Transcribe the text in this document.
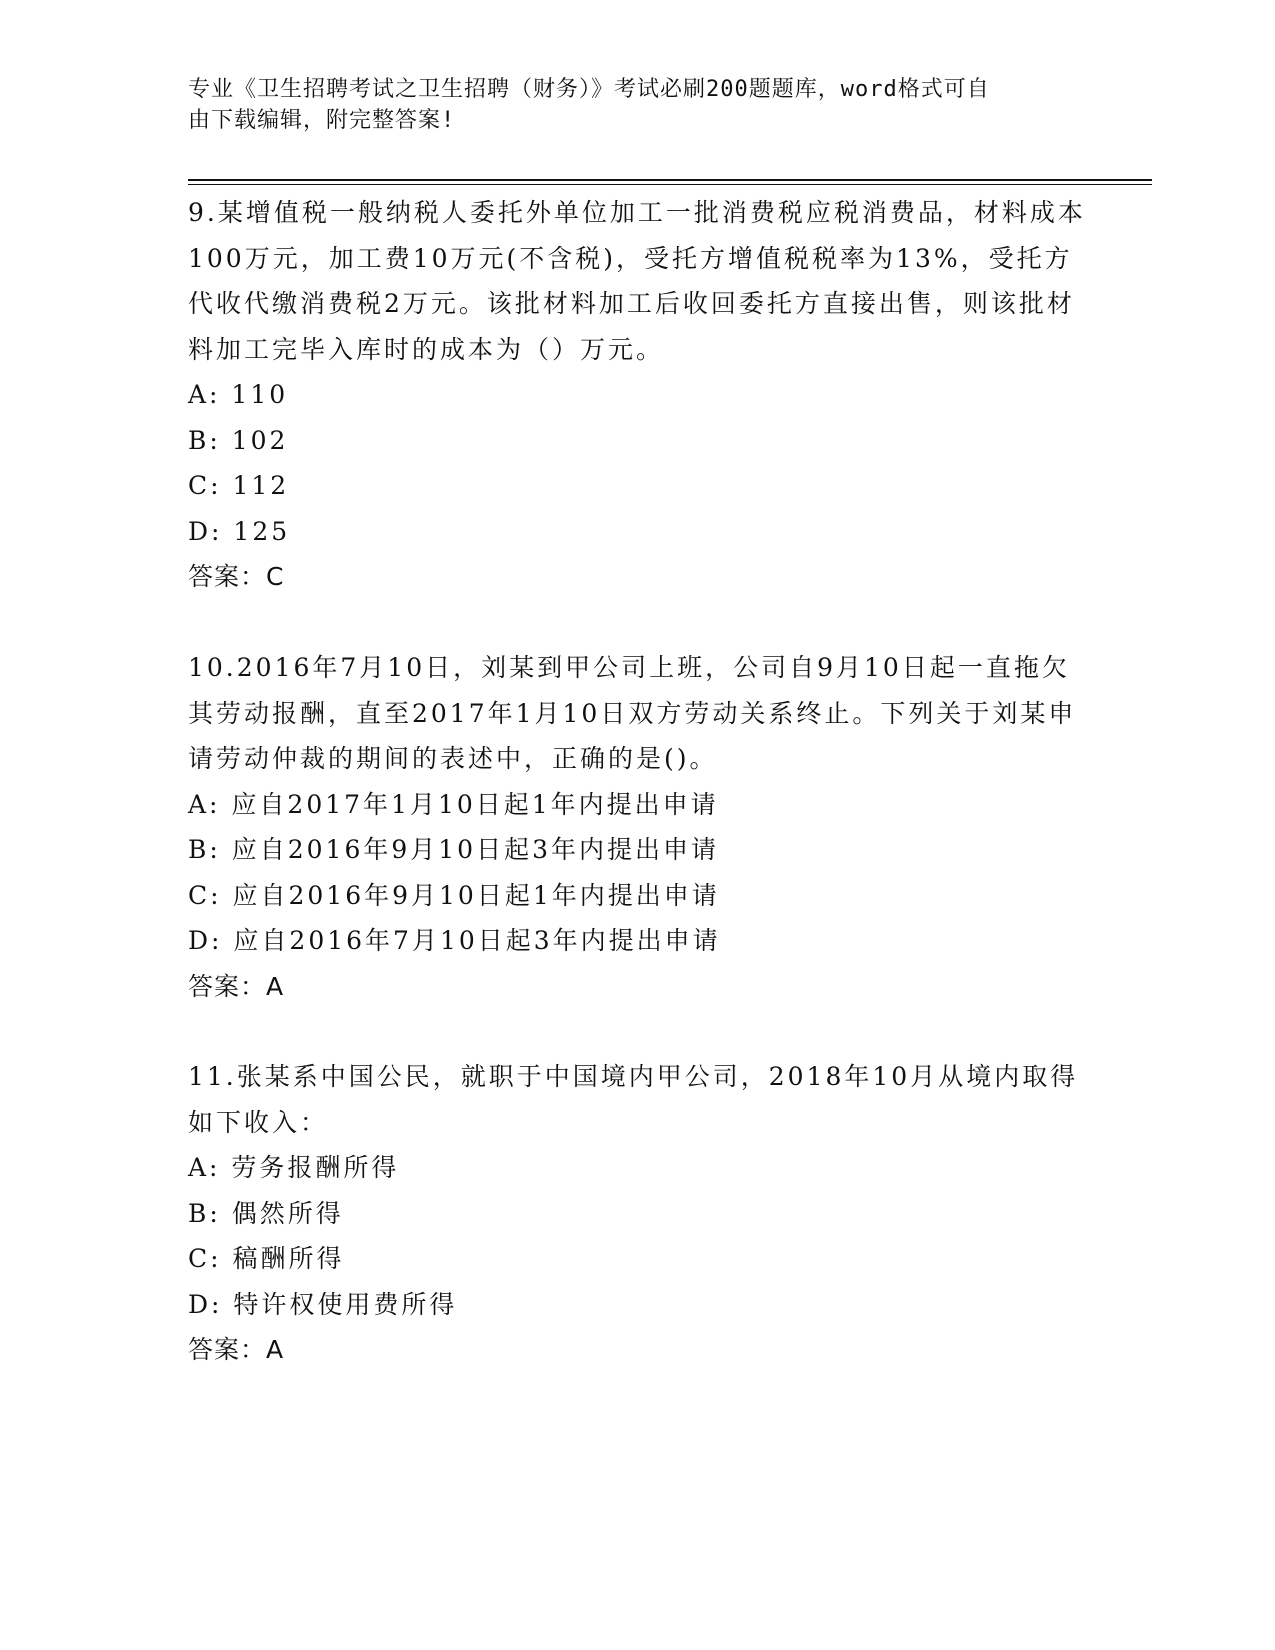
专业《卫生招聘考试之卫生招聘（财务）》考试必刷200题题库，word格式可自
由下载编辑，附完整答案!

9.某增值税一般纳税人委托外单位加工一批消费税应税消费品，材料成本100万元，加工费10万元(不含税)，受托方增值税税率为13%，受托方代收代缴消费税2万元。该批材料加工后收回委托方直接出售，则该批材料加工完毕入库时的成本为（）万元。

A: 110

B: 102

C: 112

D: 125

答案：C

10.2016年7月10日，刘某到甲公司上班，公司自9月10日起一直拖欠其劳动报酬，直至2017年1月10日双方劳动关系终止。下列关于刘某申请劳动仲裁的期间的表述中，正确的是()。

A: 应自2017年1月10日起1年内提出申请

B: 应自2016年9月10日起3年内提出申请

C: 应自2016年9月10日起1年内提出申请

D: 应自2016年7月10日起3年内提出申请

答案：A

11.张某系中国公民，就职于中国境内甲公司，2018年10月从境内取得如下收入：

A: 劳务报酬所得

B: 偶然所得

C: 稿酬所得

D: 特许权使用费所得

答案：A
